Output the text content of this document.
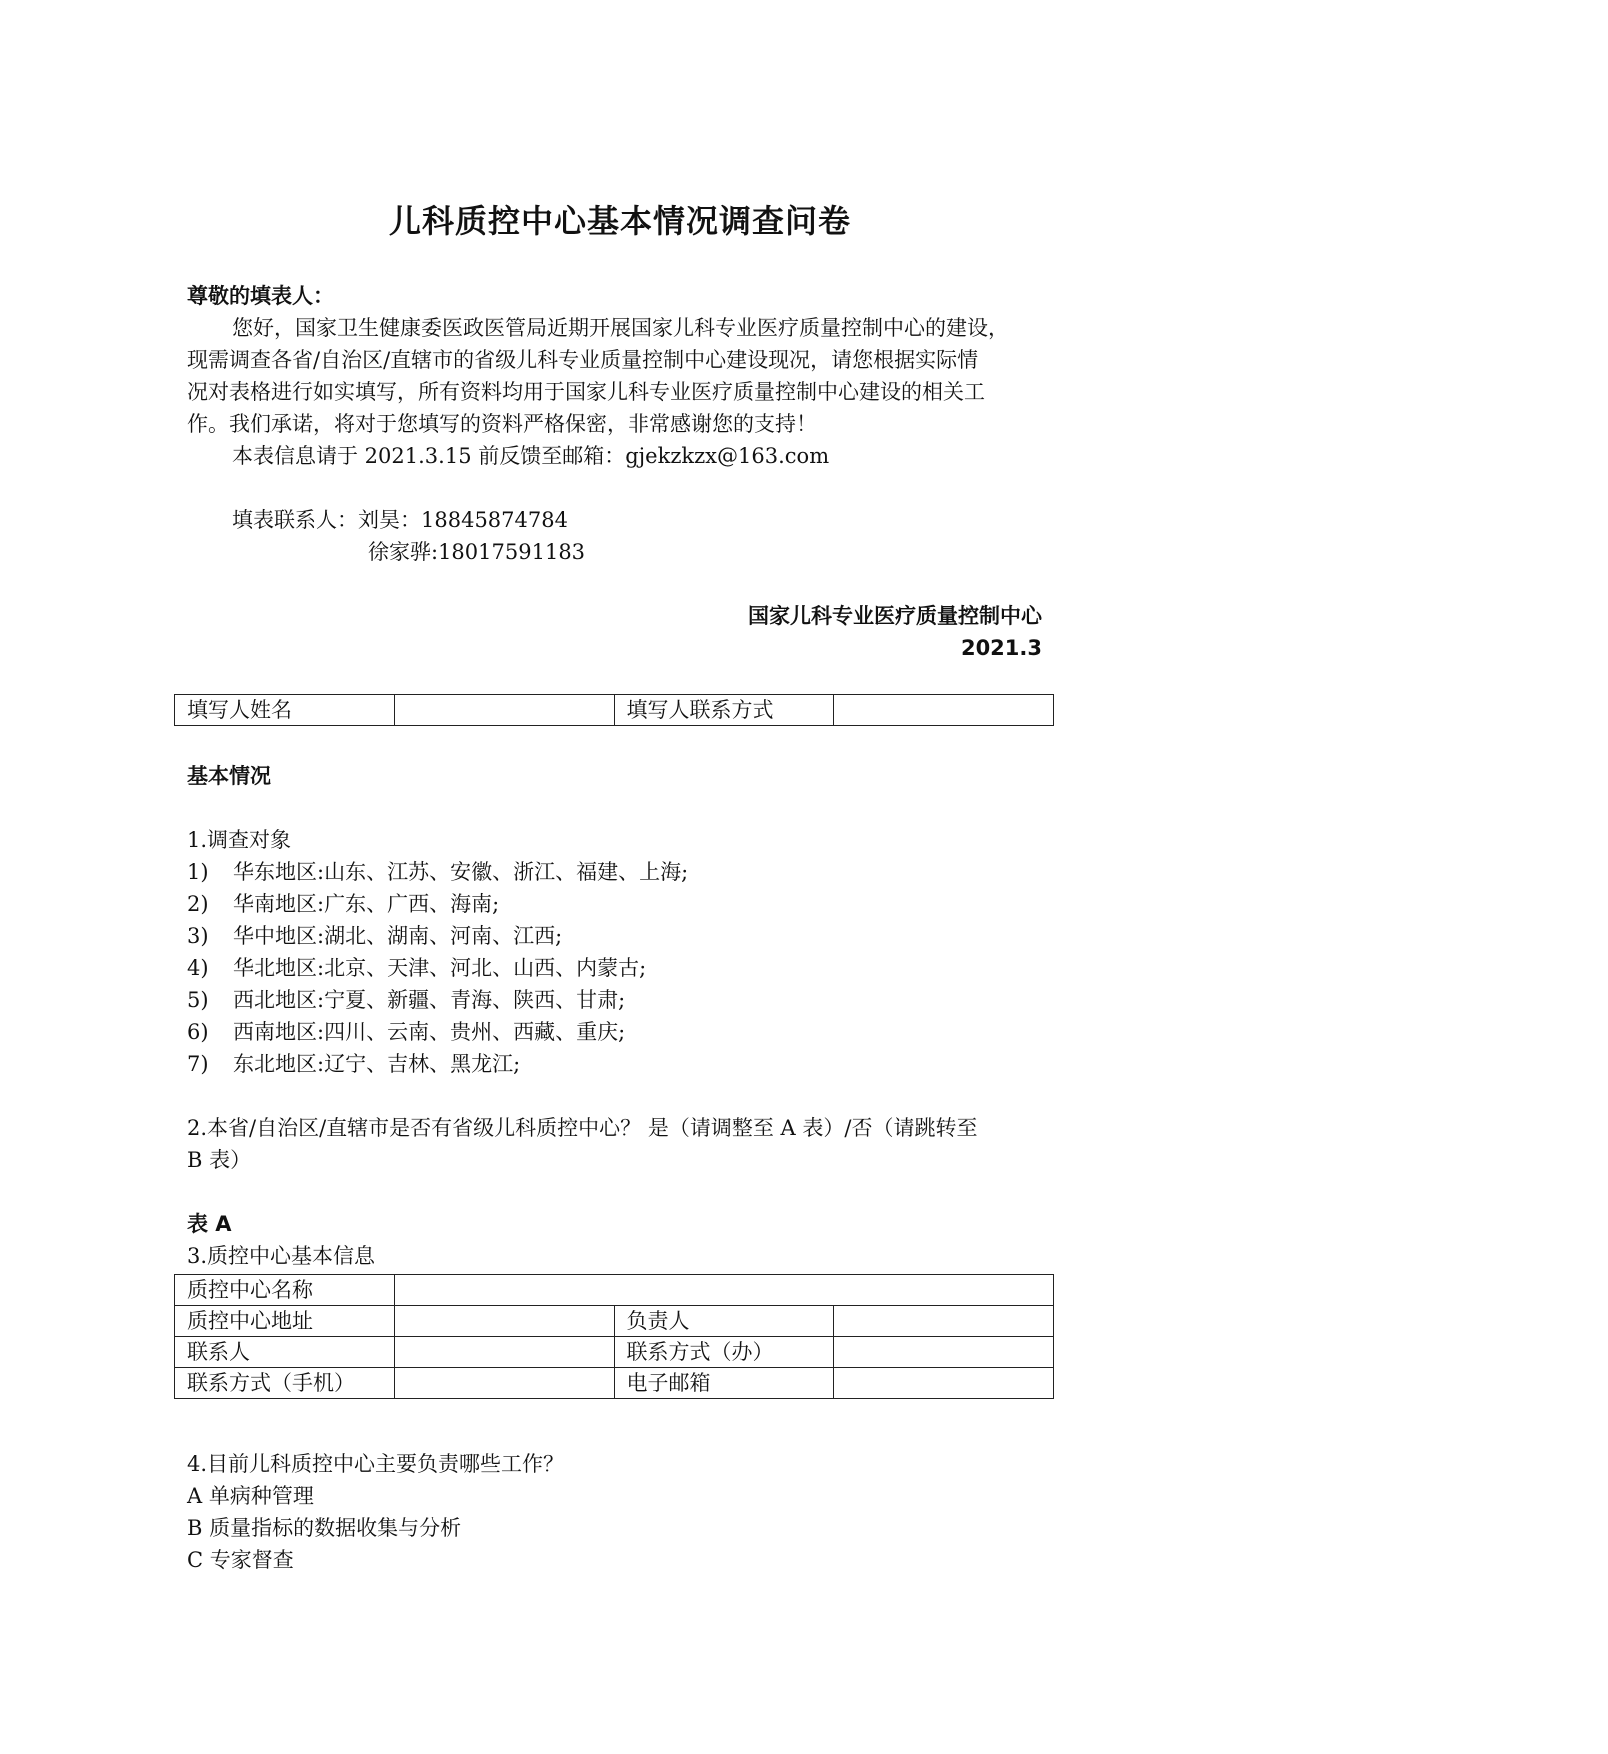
儿科质控中心基本情况调查问卷
尊敬的填表人：
您好，国家卫生健康委医政医管局近期开展国家儿科专业医疗质量控制中心的建设，
现需调查各省/自治区/直辖市的省级儿科专业质量控制中心建设现况，请您根据实际情
况对表格进行如实填写，所有资料均用于国家儿科专业医疗质量控制中心建设的相关工
作。我们承诺，将对于您填写的资料严格保密，非常感谢您的支持！
本表信息请于 2021.3.15 前反馈至邮箱：gjekzkzx@163.com
填表联系人：刘昊：18845874784
徐家骅:18017591183
国家儿科专业医疗质量控制中心
2021.3
填写人姓名		填写人联系方式	
基本情况
1.调查对象
1) 华东地区:山东、江苏、安徽、浙江、福建、上海;
2) 华南地区:广东、广西、海南;
3) 华中地区:湖北、湖南、河南、江西;
4) 华北地区:北京、天津、河北、山西、内蒙古;
5) 西北地区:宁夏、新疆、青海、陕西、甘肃;
6) 西南地区:四川、云南、贵州、西藏、重庆;
7) 东北地区:辽宁、吉林、黑龙江;
2.本省/自治区/直辖市是否有省级儿科质控中心？ 是（请调整至 A 表）/否（请跳转至
B 表）
表 A
3.质控中心基本信息
质控中心名称			
质控中心地址		负责人	
联系人		联系方式（办）	
联系方式（手机）		电子邮箱	
4.目前儿科质控中心主要负责哪些工作？
A 单病种管理
B 质量指标的数据收集与分析
C 专家督查
